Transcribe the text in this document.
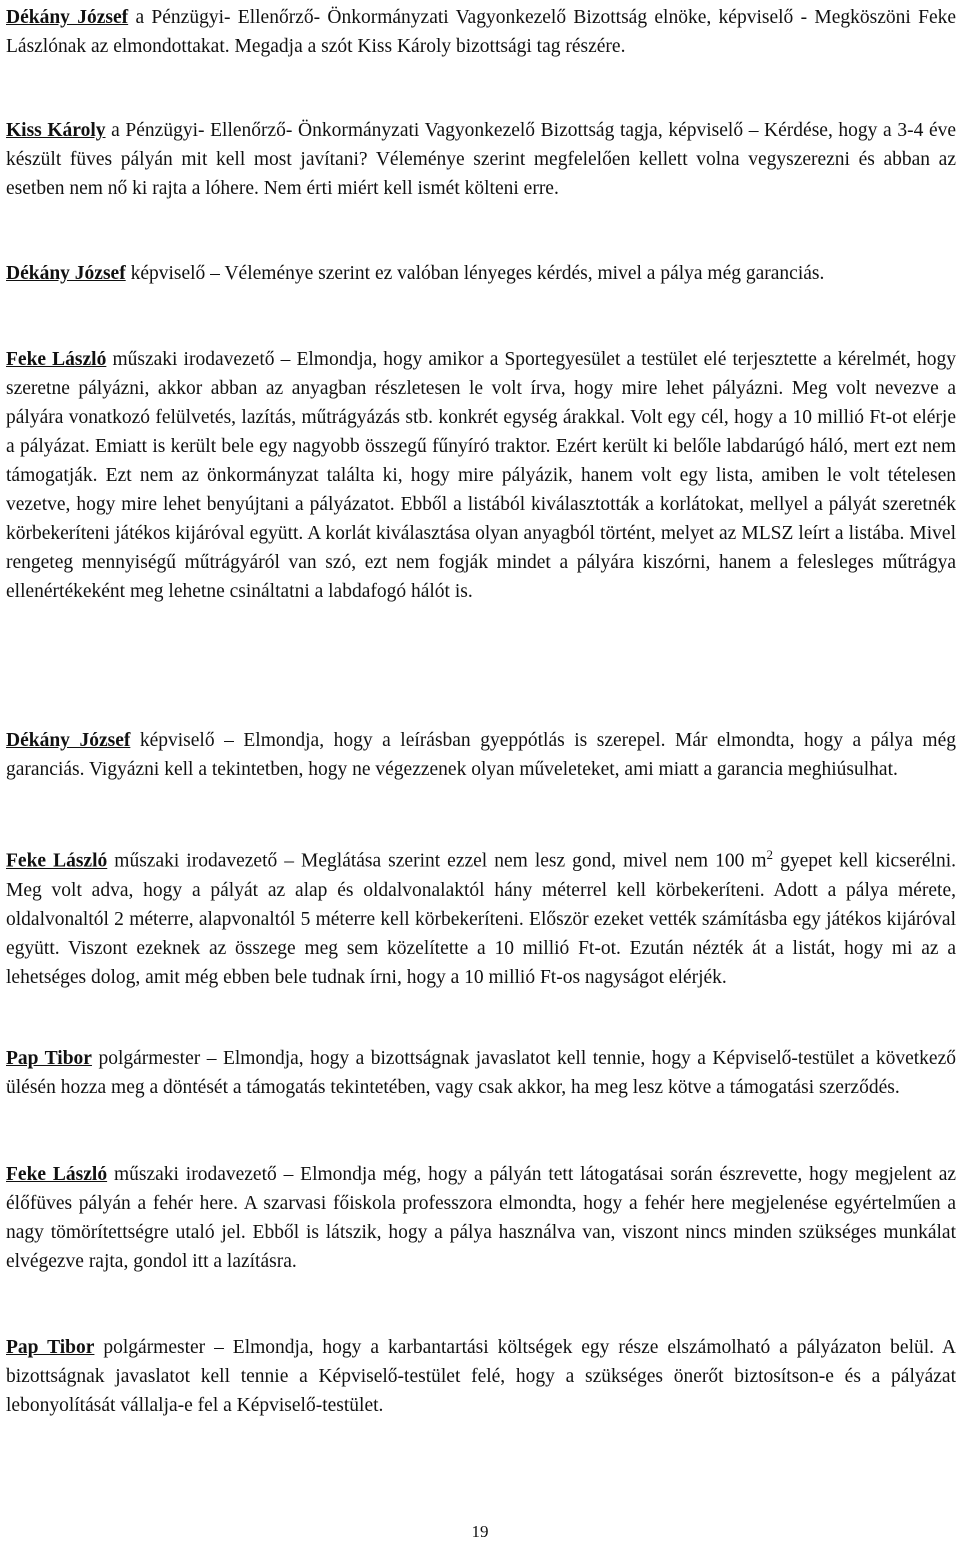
Dékány József a Pénzügyi- Ellenőrző- Önkormányzati Vagyonkezelő Bizottság elnöke, képviselő - Megköszöni Feke Lászlónak az elmondottakat. Megadja a szót Kiss Károly bizottsági tag részére.

Kiss Károly a Pénzügyi- Ellenőrző- Önkormányzati Vagyonkezelő Bizottság tagja, képviselő – Kérdése, hogy a 3-4 éve készült füves pályán mit kell most javítani? Véleménye szerint megfelelően kellett volna vegyszerezni és abban az esetben nem nő ki rajta a lóhere. Nem érti miért kell ismét költeni erre.

Dékány József képviselő – Véleménye szerint ez valóban lényeges kérdés, mivel a pálya még garanciás.

Feke László műszaki irodavezető – Elmondja, hogy amikor a Sportegyesület a testület elé terjesztette a kérelmét, hogy szeretne pályázni, akkor abban az anyagban részletesen le volt írva, hogy mire lehet pályázni. Meg volt nevezve a pályára vonatkozó felülvetés, lazítás, műtrágyázás stb. konkrét egység árakkal. Volt egy cél, hogy a 10 millió Ft-ot elérje a pályázat. Emiatt is került bele egy nagyobb összegű fűnyíró traktor. Ezért került ki belőle labdarúgó háló, mert ezt nem támogatják. Ezt nem az önkormányzat találta ki, hogy mire pályázik, hanem volt egy lista, amiben le volt tételesen vezetve, hogy mire lehet benyújtani a pályázatot. Ebből a listából kiválasztották a korlátokat, mellyel a pályát szeretnék körbekeríteni játékos kijáróval együtt. A korlát kiválasztása olyan anyagból történt, melyet az MLSZ leírt a listába. Mivel rengeteg mennyiségű műtrágyáról van szó, ezt nem fogják mindet a pályára kiszórni, hanem a felesleges műtrágya ellenértékeként meg lehetne csináltatni a labdafogó hálót is.

Dékány József képviselő – Elmondja, hogy a leírásban gyeppótlás is szerepel. Már elmondta, hogy a pálya még garanciás. Vigyázni kell a tekintetben, hogy ne végezzenek olyan műveleteket, ami miatt a garancia meghiúsulhat.

Feke László műszaki irodavezető – Meglátása szerint ezzel nem lesz gond, mivel nem 100 $m^2$ gyepet kell kicserélni. Meg volt adva, hogy a pályát az alap és oldalvonalaktól hány méterrel kell körbekeríteni. Adott a pálya mérete, oldalvonaltól 2 méterre, alapvonaltól 5 méterre kell körbekeríteni. Először ezeket vették számításba egy játékos kijáróval együtt. Viszont ezeknek az összege meg sem közelítette a 10 millió Ft-ot. Ezután nézték át a listát, hogy mi az a lehetséges dolog, amit még ebben bele tudnak írni, hogy a 10 millió Ft-os nagyságot elérjék.

Pap Tibor polgármester – Elmondja, hogy a bizottságnak javaslatot kell tennie, hogy a Képviselő-testület a következő ülésén hozza meg a döntését a támogatás tekintetében, vagy csak akkor, ha meg lesz kötve a támogatási szerződés.

Feke László műszaki irodavezető – Elmondja még, hogy a pályán tett látogatásai során észrevette, hogy megjelent az élőfüves pályán a fehér here. A szarvasi főiskola professzora elmondta, hogy a fehér here megjelenése egyértelműen a nagy tömörítettségre utaló jel. Ebből is látszik, hogy a pálya használva van, viszont nincs minden szükséges munkálat elvégezve rajta, gondol itt a lazításra.

Pap Tibor polgármester – Elmondja, hogy a karbantartási költségek egy része elszámolható a pályázaton belül. A bizottságnak javaslatot kell tennie a Képviselő-testület felé, hogy a szükséges önerőt biztosítson-e és a pályázat lebonyolítását vállalja-e fel a Képviselő-testület.

19
